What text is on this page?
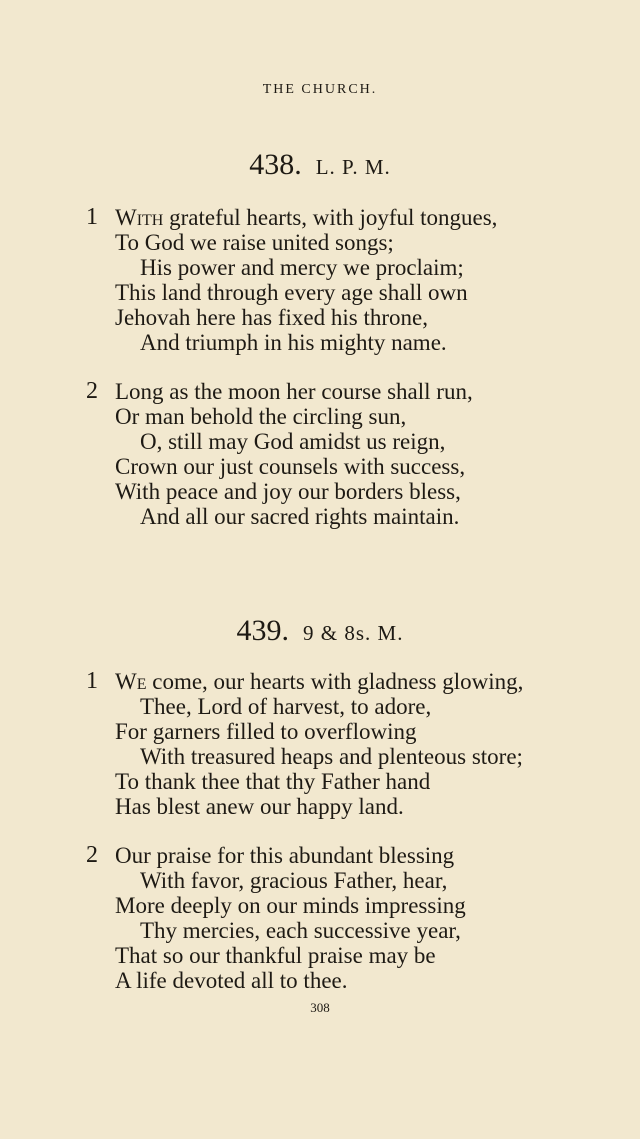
THE CHURCH.
438. L. P. M.
1 With grateful hearts, with joyful tongues,
To God we raise united songs;
His power and mercy we proclaim;
This land through every age shall own
Jehovah here has fixed his throne,
And triumph in his mighty name.
2 Long as the moon her course shall run,
Or man behold the circling sun,
O, still may God amidst us reign,
Crown our just counsels with success,
With peace and joy our borders bless,
And all our sacred rights maintain.
439. 9 & 8s. M.
1 We come, our hearts with gladness glowing,
Thee, Lord of harvest, to adore,
For garners filled to overflowing
With treasured heaps and plenteous store;
To thank thee that thy Father hand
Has blest anew our happy land.
2 Our praise for this abundant blessing
With favor, gracious Father, hear,
More deeply on our minds impressing
Thy mercies, each successive year,
That so our thankful praise may be
A life devoted all to thee.
308
